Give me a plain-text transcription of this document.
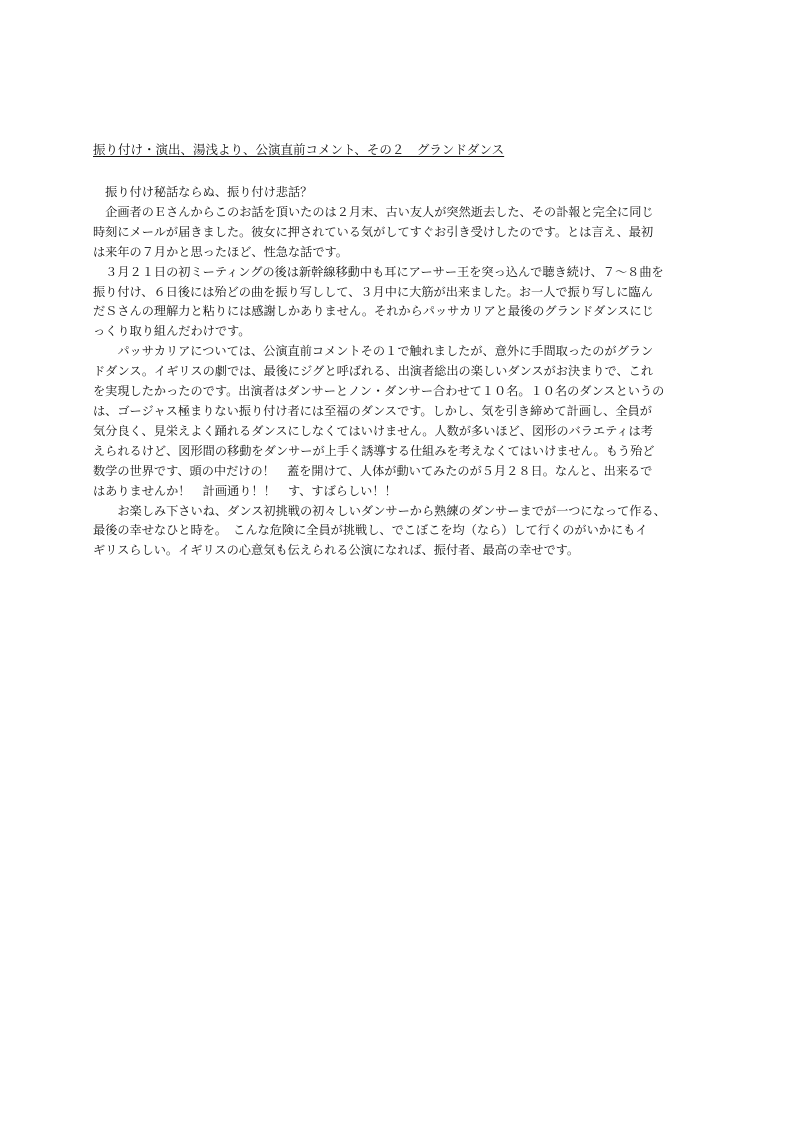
振り付け・演出、湯浅より、公演直前コメント、その２　グランドダンス

　振り付け秘話ならぬ、振り付け悲話？

　企画者のＥさんからこのお話を頂いたのは２月末、古い友人が突然逝去した、その訃報と完全に同じ

時刻にメールが届きました。彼女に押されている気がしてすぐお引き受けしたのです。とは言え、最初

は来年の７月かと思ったほど、性急な話です。

　３月２１日の初ミーティングの後は新幹線移動中も耳にアーサー王を突っ込んで聴き続け、７〜８曲を

振り付け、６日後には殆どの曲を振り写しして、３月中に大筋が出来ました。お一人で振り写しに臨ん

だＳさんの理解力と粘りには感謝しかありません。それからパッサカリアと最後のグランドダンスにじ

っくり取り組んだわけです。

　　パッサカリアについては、公演直前コメントその１で触れましたが、意外に手間取ったのがグラン

ドダンス。イギリスの劇では、最後にジグと呼ばれる、出演者総出の楽しいダンスがお決まりで、これ

を実現したかったのです。出演者はダンサーとノン・ダンサー合わせて１０名。１０名のダンスというの

は、ゴージャス極まりない振り付け者には至福のダンスです。しかし、気を引き締めて計画し、全員が

気分良く、見栄えよく踊れるダンスにしなくてはいけません。人数が多いほど、図形のバラエティは考

えられるけど、図形間の移動をダンサーが上手く誘導する仕組みを考えなくてはいけません。もう殆ど

数学の世界です、頭の中だけの！　蓋を開けて、人体が動いてみたのが５月２８日。なんと、出来るで

はありませんか！　計画通り！！　す、すばらしい！！

　　お楽しみ下さいね、ダンス初挑戦の初々しいダンサーから熟練のダンサーまでが一つになって作る、

最後の幸せなひと時を。　こんな危険に全員が挑戦し、でこぼこを均（なら）して行くのがいかにもイ

ギリスらしい。イギリスの心意気も伝えられる公演になれば、振付者、最高の幸せです。
